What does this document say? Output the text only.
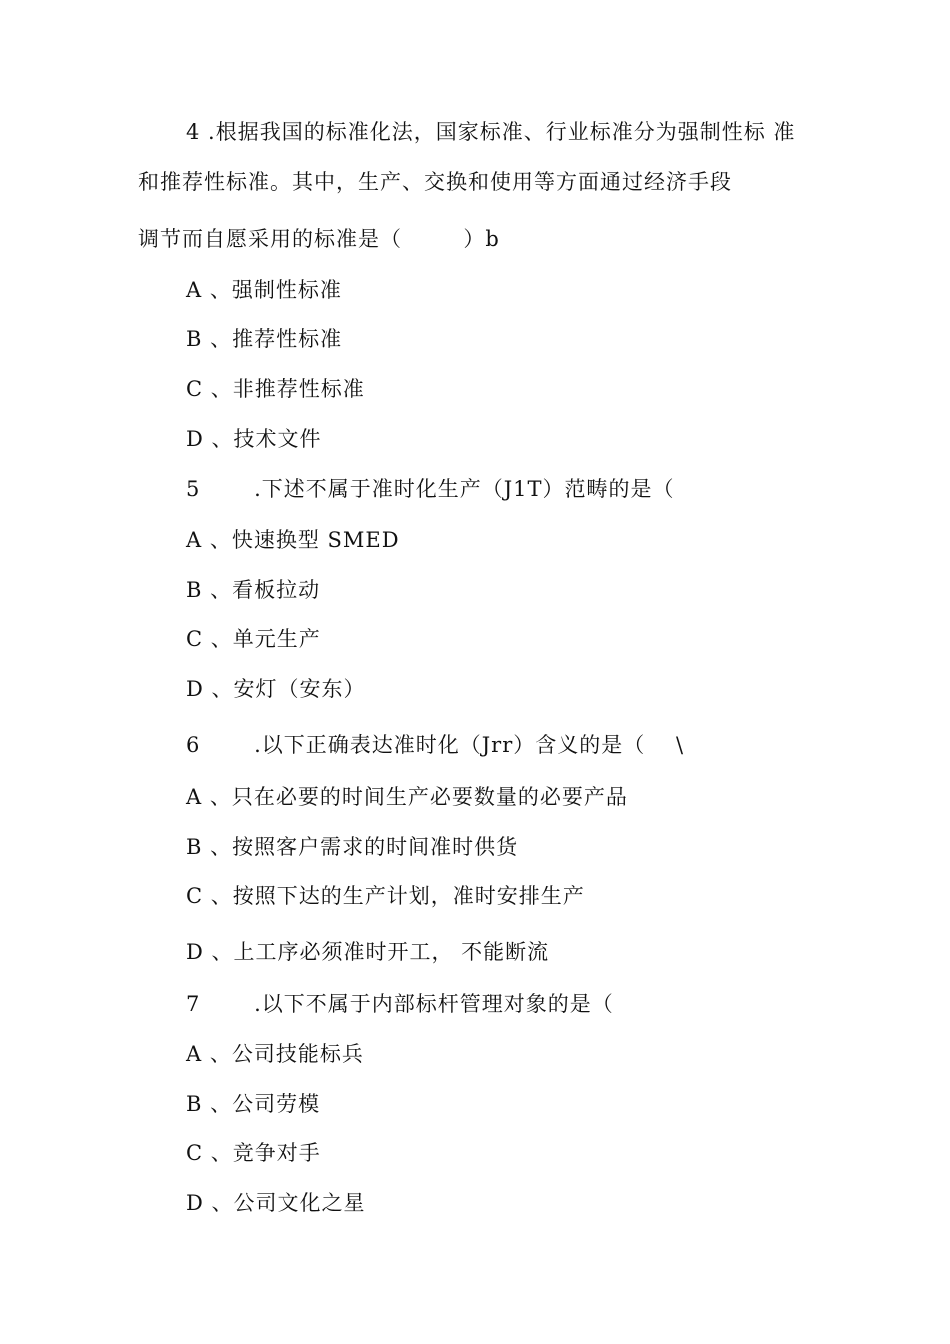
4 .根据我国的标准化法，国家标准、行业标准分为强制性标 准
和推荐性标准。其中，生产、交换和使用等方面通过经济手段
调节而自愿采用的标准是（        ）b
A 、强制性标准
B 、推荐性标准
C 、非推荐性标准
D 、技术文件
5       .下述不属于准时化生产（J1T）范畴的是（
A 、快速换型 SMED
B 、看板拉动
C 、单元生产
D 、安灯（安东）
6       .以下正确表达准时化（Jrr）含义的是（    \
A 、只在必要的时间生产必要数量的必要产品
B 、按照客户需求的时间准时供货
C 、按照下达的生产计划，准时安排生产
D 、上工序必须准时开工， 不能断流
7       .以下不属于内部标杆管理对象的是（
A 、公司技能标兵
B 、公司劳模
C 、竞争对手
D 、公司文化之星
